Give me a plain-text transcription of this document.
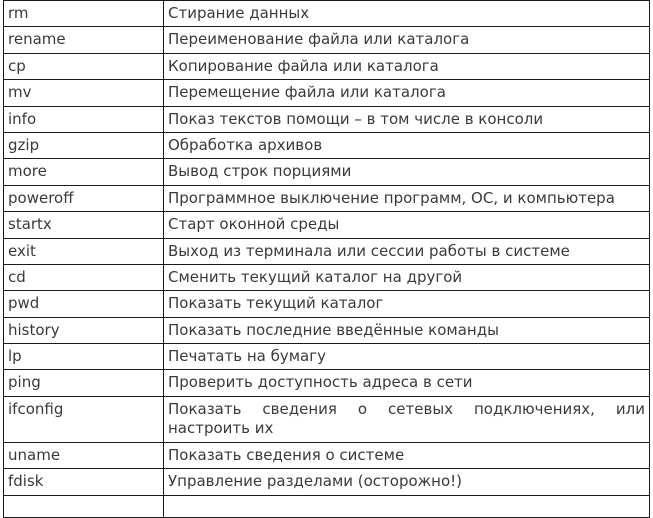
rm	Стирание данных

rename	Переименование файла или каталога

cp	Копирование файла или каталога

mv	Перемещение файла или каталога

info	Показ текстов помощи – в том числе в консоли

gzip	Обработка архивов

more	Вывод строк порциями

poweroff	Программное выключение программ, ОС, и компьютера

startx	Старт оконной среды

exit	Выход из терминала или сессии работы в системе

cd	Сменить текущий каталог на другой

pwd	Показать текущий каталог

history	Показать последние введённые команды

lp	Печатать на бумагу

ping	Проверить доступность адреса в сети

ifconfig	Показать сведения о сетевых подключениях, или настроить их

uname	Показать сведения о системе

fdisk	Управление разделами (осторожно!)
